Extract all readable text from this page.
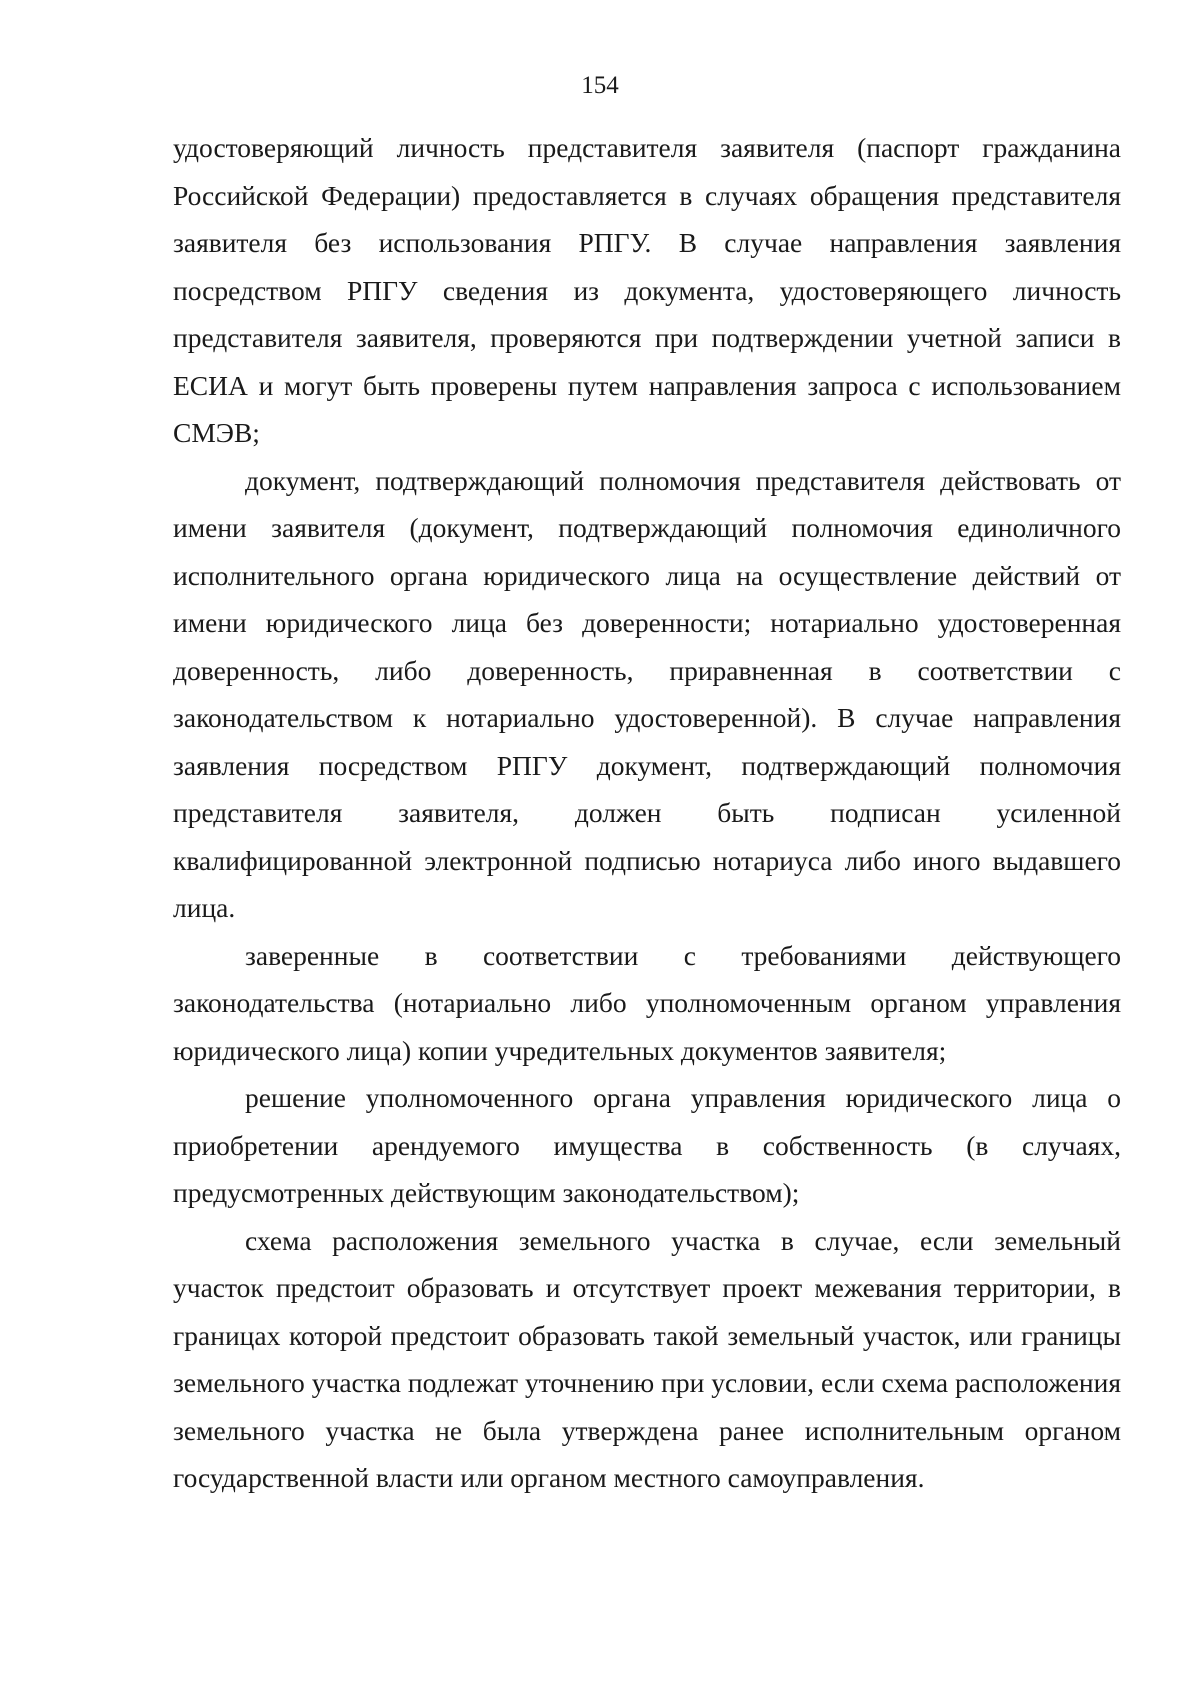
154

удостоверяющий личность представителя заявителя (паспорт гражданина Российской Федерации) предоставляется в случаях обращения представителя заявителя без использования РПГУ. В случае направления заявления посредством РПГУ сведения из документа, удостоверяющего личность представителя заявителя, проверяются при подтверждении учетной записи в ЕСИА и могут быть проверены путем направления запроса с использованием СМЭВ;

документ, подтверждающий полномочия представителя действовать от имени заявителя (документ, подтверждающий полномочия единоличного исполнительного органа юридического лица на осуществление действий от имени юридического лица без доверенности; нотариально удостоверенная доверенность, либо доверенность, приравненная в соответствии с законодательством к нотариально удостоверенной). В случае направления заявления посредством РПГУ документ, подтверждающий полномочия представителя заявителя, должен быть подписан усиленной квалифицированной электронной подписью нотариуса либо иного выдавшего лица.

заверенные в соответствии с требованиями действующего законодательства (нотариально либо уполномоченным органом управления юридического лица) копии учредительных документов заявителя;

решение уполномоченного органа управления юридического лица о приобретении арендуемого имущества в собственность (в случаях, предусмотренных действующим законодательством);

схема расположения земельного участка в случае, если земельный участок предстоит образовать и отсутствует проект межевания территории, в границах которой предстоит образовать такой земельный участок, или границы земельного участка подлежат уточнению при условии, если схема расположения земельного участка не была утверждена ранее исполнительным органом государственной власти или органом местного самоуправления.
